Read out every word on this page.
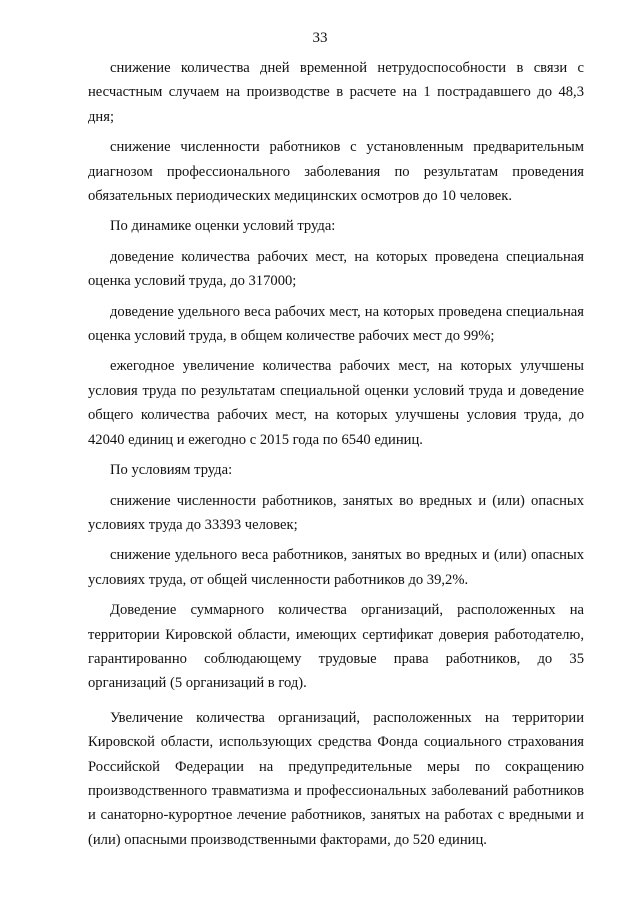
33

снижение количества дней временной нетрудоспособности в связи с несчастным случаем на производстве в расчете на 1 пострадавшего до 48,3 дня;

снижение численности работников с установленным предварительным диагнозом профессионального заболевания по результатам проведения обязательных периодических медицинских осмотров до 10 человек.

По динамике оценки условий труда:

доведение количества рабочих мест, на которых проведена специальная оценка условий труда, до 317000;

доведение удельного веса рабочих мест, на которых проведена специальная оценка условий труда, в общем количестве рабочих мест до 99%;

ежегодное увеличение количества рабочих мест, на которых улучшены условия труда по результатам специальной оценки условий труда и доведение общего количества рабочих мест, на которых улучшены условия труда, до 42040 единиц и ежегодно с 2015 года по 6540 единиц.

По условиям труда:

снижение численности работников, занятых во вредных и (или) опасных условиях труда до 33393 человек;

снижение удельного веса работников, занятых во вредных и (или) опасных условиях труда, от общей численности работников до 39,2%.

Доведение суммарного количества организаций, расположенных на территории Кировской области, имеющих сертификат доверия работодателю, гарантированно соблюдающему трудовые права работников, до 35 организаций (5 организаций в год).

Увеличение количества организаций, расположенных на территории Кировской области, использующих средства Фонда социального страхования Российской Федерации на предупредительные меры по сокращению производственного травматизма и профессиональных заболеваний работников и санаторно-курортное лечение работников, занятых на работах с вредными и (или) опасными производственными факторами, до 520 единиц.
